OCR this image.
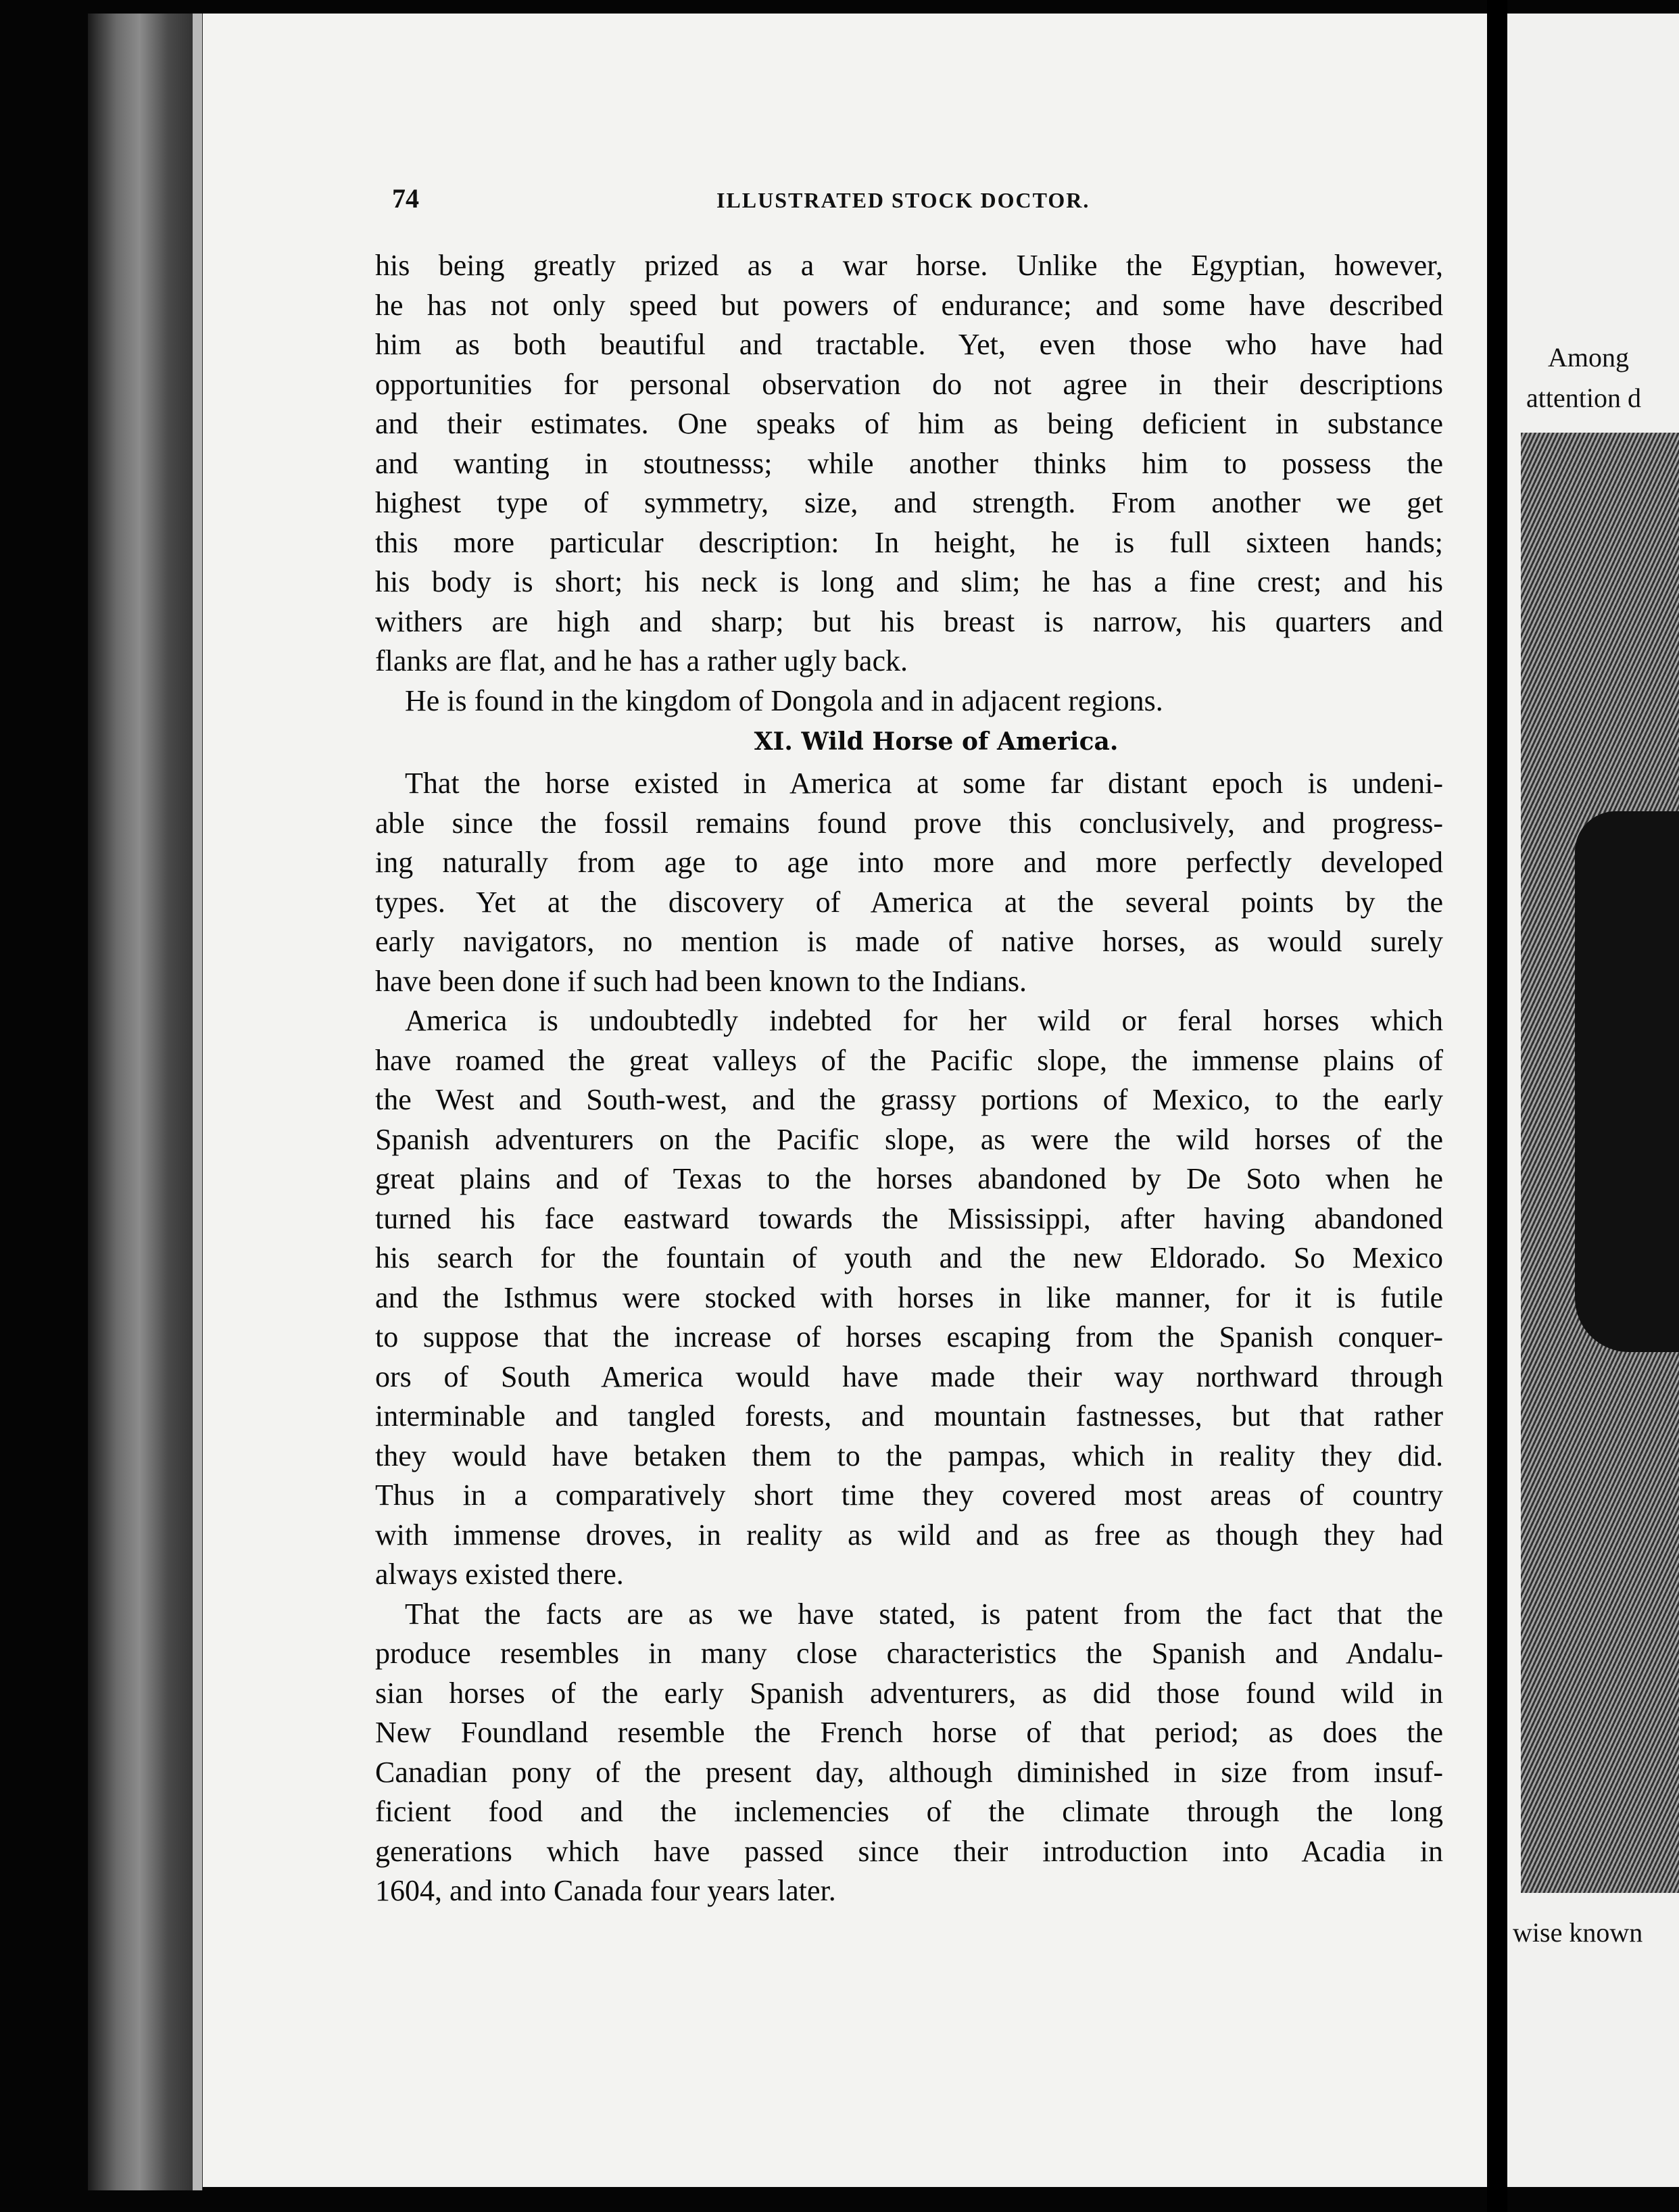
Among
attention d
wise known
74	ILLUSTRATED STOCK DOCTOR.
his being greatly prized as a war horse. Unlike the Egyptian, however,
he has not only speed but powers of endurance; and some have described
him as both beautiful and tractable. Yet, even those who have had
opportunities for personal observation do not agree in their descriptions
and their estimates. One speaks of him as being deficient in substance
and wanting in stoutnesss; while another thinks him to possess the
highest type of symmetry, size, and strength. From another we get
this more particular description: In height, he is full sixteen hands;
his body is short; his neck is long and slim; he has a fine crest; and his
withers are high and sharp; but his breast is narrow, his quarters and
flanks are flat, and he has a rather ugly back.
He is found in the kingdom of Dongola and in adjacent regions.
XI. Wild Horse of America.
That the horse existed in America at some far distant epoch is undeni-
able since the fossil remains found prove this conclusively, and progress-
ing naturally from age to age into more and more perfectly developed
types. Yet at the discovery of America at the several points by the
early navigators, no mention is made of native horses, as would surely
have been done if such had been known to the Indians.
America is undoubtedly indebted for her wild or feral horses which
have roamed the great valleys of the Pacific slope, the immense plains of
the West and South-west, and the grassy portions of Mexico, to the early
Spanish adventurers on the Pacific slope, as were the wild horses of the
great plains and of Texas to the horses abandoned by De Soto when he
turned his face eastward towards the Mississippi, after having abandoned
his search for the fountain of youth and the new Eldorado. So Mexico
and the Isthmus were stocked with horses in like manner, for it is futile
to suppose that the increase of horses escaping from the Spanish conquer-
ors of South America would have made their way northward through
interminable and tangled forests, and mountain fastnesses, but that rather
they would have betaken them to the pampas, which in reality they did.
Thus in a comparatively short time they covered most areas of country
with immense droves, in reality as wild and as free as though they had
always existed there.
That the facts are as we have stated, is patent from the fact that the
produce resembles in many close characteristics the Spanish and Andalu-
sian horses of the early Spanish adventurers, as did those found wild in
New Foundland resemble the French horse of that period; as does the
Canadian pony of the present day, although diminished in size from insuf-
ficient food and the inclemencies of the climate through the long
generations which have passed since their introduction into Acadia in
1604, and into Canada four years later.
